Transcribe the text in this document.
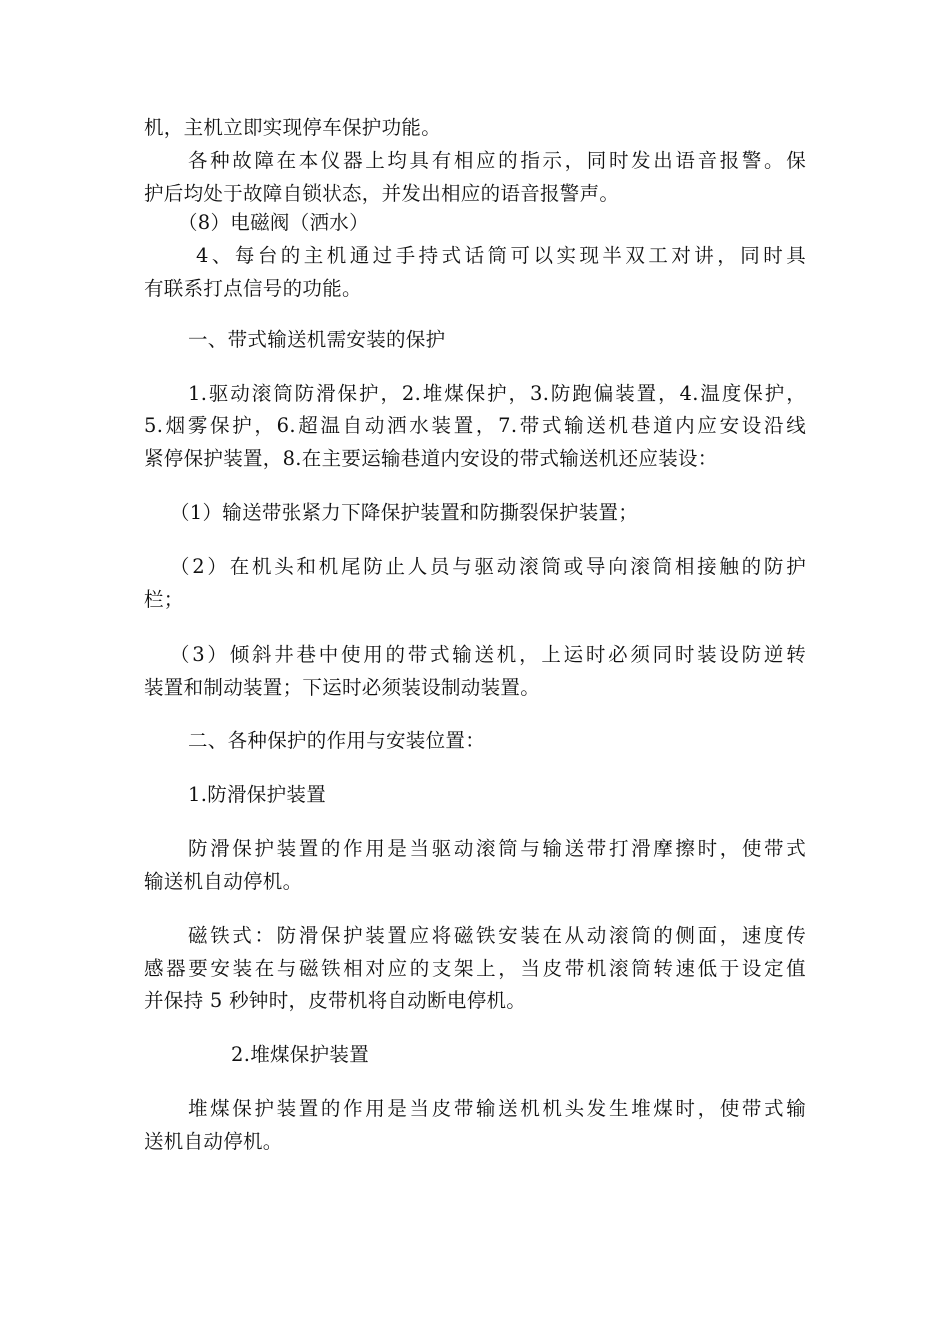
机，主机立即实现停车保护功能。
各种故障在本仪器上均具有相应的指示，同时发出语音报警。保
护后均处于故障自锁状态，并发出相应的语音报警声。
（8）电磁阀（洒水）
4、每台的主机通过手持式话筒可以实现半双工对讲，同时具
有联系打点信号的功能。
一、带式输送机需安装的保护
1.驱动滚筒防滑保护，2.堆煤保护，3.防跑偏装置，4.温度保护，
5.烟雾保护，6.超温自动洒水装置，7.带式输送机巷道内应安设沿线
紧停保护装置，8.在主要运输巷道内安设的带式输送机还应装设：
（1）输送带张紧力下降保护装置和防撕裂保护装置；
（2）在机头和机尾防止人员与驱动滚筒或导向滚筒相接触的防护
栏；
（3）倾斜井巷中使用的带式输送机，上运时必须同时装设防逆转
装置和制动装置；下运时必须装设制动装置。
二、各种保护的作用与安装位置：
1.防滑保护装置
防滑保护装置的作用是当驱动滚筒与输送带打滑摩擦时，使带式
输送机自动停机。
磁铁式：防滑保护装置应将磁铁安装在从动滚筒的侧面，速度传
感器要安装在与磁铁相对应的支架上，当皮带机滚筒转速低于设定值
并保持 5 秒钟时，皮带机将自动断电停机。
2.堆煤保护装置
堆煤保护装置的作用是当皮带输送机机头发生堆煤时，使带式输
送机自动停机。
